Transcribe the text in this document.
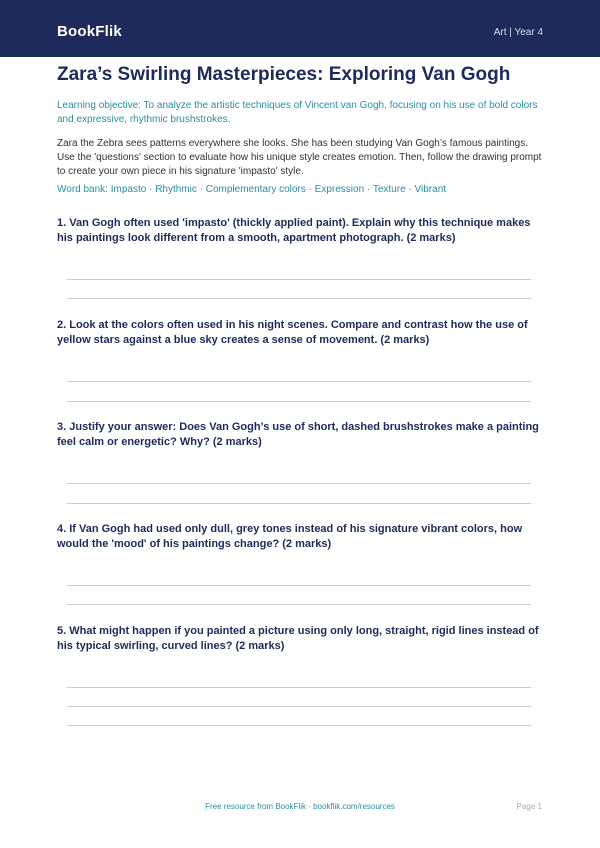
BookFlik	Art | Year 4
Zara’s Swirling Masterpieces: Exploring Van Gogh
Learning objective: To analyze the artistic techniques of Vincent van Gogh, focusing on his use of bold colors and expressive, rhythmic brushstrokes.
Zara the Zebra sees patterns everywhere she looks. She has been studying Van Gogh’s famous paintings. Use the 'questions' section to evaluate how his unique style creates emotion. Then, follow the drawing prompt to create your own piece in his signature 'impasto' style.
Word bank: Impasto · Rhythmic · Complementary colors · Expression · Texture · Vibrant
1. Van Gogh often used 'impasto' (thickly applied paint). Explain why this technique makes his paintings look different from a smooth, apartment photograph. (2 marks)
2. Look at the colors often used in his night scenes. Compare and contrast how the use of yellow stars against a blue sky creates a sense of movement. (2 marks)
3. Justify your answer: Does Van Gogh’s use of short, dashed brushstrokes make a painting feel calm or energetic? Why? (2 marks)
4. If Van Gogh had used only dull, grey tones instead of his signature vibrant colors, how would the 'mood' of his paintings change? (2 marks)
5. What might happen if you painted a picture using only long, straight, rigid lines instead of his typical swirling, curved lines? (2 marks)
Free resource from BookFlik · bookflik.com/resources	Page 1
